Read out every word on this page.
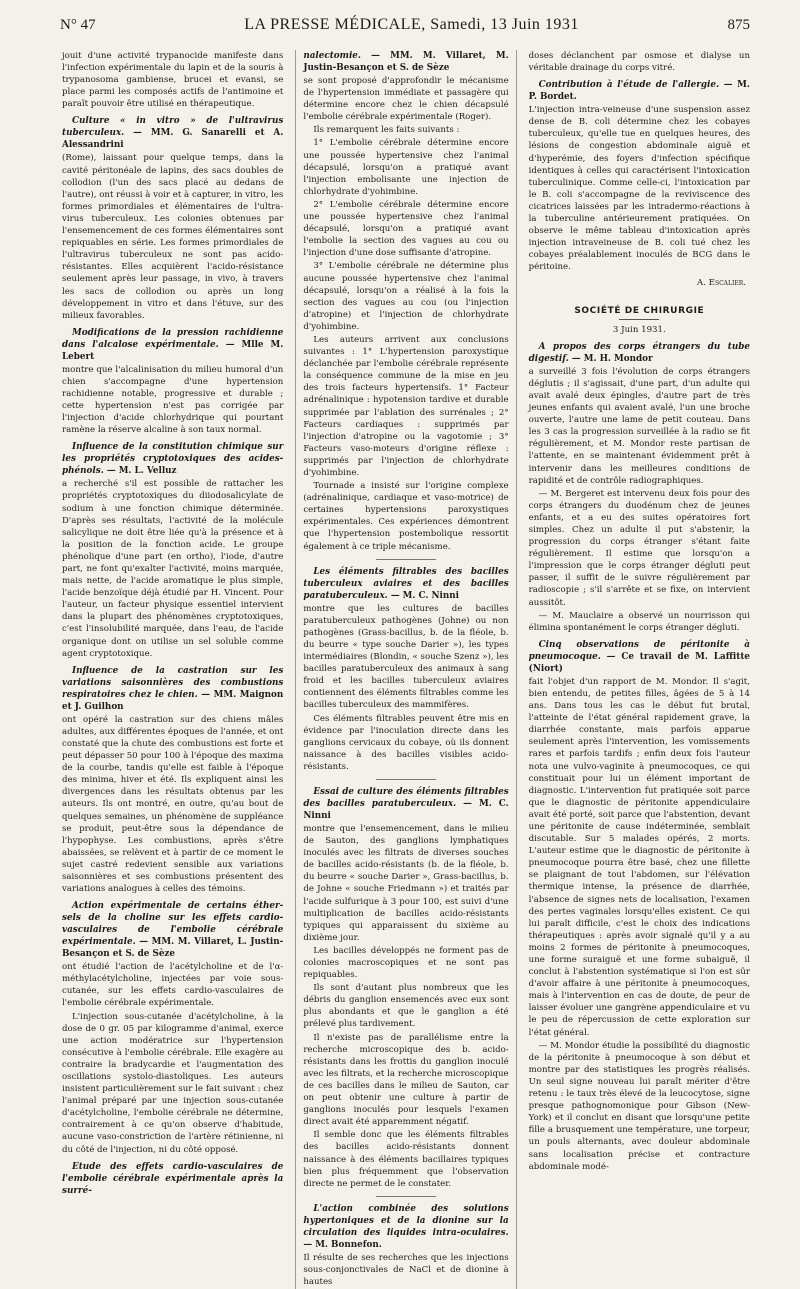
N° 47	LA PRESSE MÉDICALE, Samedi, 13 Juin 1931	875

jouit d'une activité trypanocide manifeste dans l'infection expérimentale du lapin et de la souris à trypanosoma gambiense, brucei et evansi, se place parmi les composés actifs de l'antimoine et paraît pouvoir être utilisé en thérapeutique.

Culture « in vitro » de l'ultravirus tuberculeux. — MM. G. Sanarelli et A. Alessandrini

(Rome), laissant pour quelque temps, dans la cavité péritonéale de lapins, des sacs doubles de collodion (l'un des sacs placé au dedans de l'autre), ont réussi à voir et à capturer, in vitro, les formes primordiales et élémentaires de l'ultra-virus tuberculeux. Les colonies obtenues par l'ensemencement de ces formes élémentaires sont repiquables en série. Les formes primordiales de l'ultravirus tuberculeux ne sont pas acido-résistantes. Elles acquièrent l'acido-résistance seulement après leur passage, in vivo, à travers les sacs de collodion ou après un long développement in vitro et dans l'étuve, sur des milieux favorables.

Modifications de la pression rachidienne dans l'alcalose expérimentale. — Mlle M. Lebert

montre que l'alcalinisation du milieu humoral d'un chien s'accompagne d'une hypertension rachidienne notable, progressive et durable ; cette hypertension n'est pas corrigée par l'injection d'acide chlorhydrique qui pourtant ramène la réserve alcaline à son taux normal.

Influence de la constitution chimique sur les propriétés cryptotoxiques des acides-phénols. — M. L. Velluz

a recherché s'il est possible de rattacher les propriétés cryptotoxiques du diiodosalicylate de sodium à une fonction chimique déterminée. D'après ses résultats, l'activité de la molécule salicylique ne doit être liée qu'à la présence et à la position de la fonction acide. Le groupe phénolique d'une part (en ortho), l'iode, d'autre part, ne font qu'exalter l'activité, moins marquée, mais nette, de l'acide aromatique le plus simple, l'acide benzoïque déjà étudié par H. Vincent. Pour l'auteur, un facteur physique essentiel intervient dans la plupart des phénomènes cryptotoxiques, c'est l'insolubilité marquée, dans l'eau, de l'acide organique dont on utilise un sel soluble comme agent cryptotoxique.

Influence de la castration sur les variations saisonnières des combustions respiratoires chez le chien. — MM. Maignon et J. Guilhon

ont opéré la castration sur des chiens mâles adultes, aux différentes époques de l'année, et ont constaté que la chute des combustions est forte et peut dépasser 50 pour 100 à l'époque des maxima de la courbe, tandis qu'elle est faible à l'époque des minima, hiver et été. Ils expliquent ainsi les divergences dans les résultats obtenus par les auteurs. Ils ont montré, en outre, qu'au bout de quelques semaines, un phénomène de suppléance se produit, peut-être sous la dépendance de l'hypophyse. Les combustions, après s'être abaissées, se relèvent et à partir de ce moment le sujet castré redevient sensible aux variations saisonnières et ses combustions présentent des variations analogues à celles des témoins.

Action expérimentale de certains éther-sels de la choline sur les effets cardio-vasculaires de l'embolie cérébrale expérimentale. — MM. M. Villaret, L. Justin-Besançon et S. de Sèze

ont étudié l'action de l'acétylcholine et de l'α-méthylacétylcholine, injectées par voie sous-cutanée, sur les effets cardio-vasculaires de l'embolie cérébrale expérimentale.

L'injection sous-cutanée d'acétylcholine, à la dose de 0 gr. 05 par kilogramme d'animal, exerce une action modératrice sur l'hypertension consécutive à l'embolie cérébrale. Elle exagère au contraire la bradycardie et l'augmentation des oscillations systolo-diastoliques. Les auteurs insistent particulièrement sur le fait suivant : chez l'animal préparé par une injection sous-cutanée d'acétylcholine, l'embolie cérébrale ne détermine, contrairement à ce qu'on observe d'habitude, aucune vaso-constriction de l'artère rétinienne, ni du côté de l'injection, ni du côté opposé.

Etude des effets cardio-vasculaires de l'embolie cérébrale expérimentale après la surré-

nalectomie. — MM. M. Villaret, M. Justin-Besançon et S. de Sèze

se sont proposé d'approfondir le mécanisme de l'hypertension immédiate et passagère qui détermine encore chez le chien décapsulé l'embolie cérébrale expérimentale (Roger).

Ils remarquent les faits suivants :

1° L'embolie cérébrale détermine encore une poussée hypertensive chez l'animal décapsulé, lorsqu'on a pratiqué avant l'injection embolisante une injection de chlorhydrate d'yohimbine.

2° L'embolie cérébrale détermine encore une poussée hypertensive chez l'animal décapsulé, lorsqu'on a pratiqué avant l'embolie la section des vagues au cou ou l'injection d'une dose suffisante d'atropine.

3° L'embolie cérébrale ne détermine plus aucune poussée hypertensive chez l'animal décapsulé, lorsqu'on a réalisé à la fois la section des vagues au cou (ou l'injection d'atropine) et l'injection de chlorhydrate d'yohimbine.

Les auteurs arrivent aux conclusions suivantes : 1° L'hypertension paroxystique déclanchée par l'embolie cérébrale représente la conséquence commune de la mise en jeu des trois facteurs hypertensifs. 1° Facteur adrénalinique : hypotension tardive et durable supprimée par l'ablation des surrénales ; 2° Facteurs cardiaques : supprimés par l'injection d'atropine ou la vagotomie ; 3° Facteurs vaso-moteurs d'origine réflexe : supprimés par l'injection de chlorhydrate d'yohimbine.

Tournade a insisté sur l'origine complexe (adrénalinique, cardiaque et vaso-motrice) de certaines hypertensions paroxystiques expérimentales. Ces expériences démontrent que l'hypertension postembolique ressortit également à ce triple mécanisme.

Les éléments filtrables des bacilles tuberculeux aviaires et des bacilles paratuberculeux. — M. C. Ninni

montre que les cultures de bacilles paratuberculeux pathogènes (Johne) ou non pathogènes (Grass-bacillus, b. de la fléole, b. du beurre « type souche Darier »), les types intermédiaires (Blondin, « souche Szenz »), les bacilles paratuberculeux des animaux à sang froid et les bacilles tuberculeux aviaires contiennent des éléments filtrables comme les bacilles tuberculeux des mammifères.

Ces éléments filtrables peuvent être mis en évidence par l'inoculation directe dans les ganglions cervicaux du cobaye, où ils donnent naissance à des bacilles visibles acido-résistants.

Essai de culture des éléments filtrables des bacilles paratuberculeux. — M. C. Ninni

montre que l'ensemencement, dans le milieu de Sauton, des ganglions lymphatiques inoculés avec les filtrats de diverses souches de bacilles acido-résistants (b. de la fléole, b. du beurre « souche Darier », Grass-bacillus, b. de Johne « souche Friedmann ») et traités par l'acide sulfurique à 3 pour 100, est suivi d'une multiplication de bacilles acido-résistants typiques qui apparaissent du sixième au dixième jour.

Les bacilles développés ne forment pas de colonies macroscopiques et ne sont pas repiquables.

Ils sont d'autant plus nombreux que les débris du ganglion ensemencés avec eux sont plus abondants et que le ganglion a été prélevé plus tardivement.

Il n'existe pas de parallélisme entre la recherche microscopique des b. acido-résistants dans les frottis du ganglion inoculé avec les filtrats, et la recherche microscopique de ces bacilles dans le milieu de Sauton, car on peut obtenir une culture à partir de ganglions inoculés pour lesquels l'examen direct avait été apparemment négatif.

Il semble donc que les éléments filtrables des bacilles acido-résistants donnent naissance à des éléments bacillaires typiques bien plus fréquemment que l'observation directe ne permet de le constater.

L'action combinée des solutions hypertoniques et de la dionine sur la circulation des liquides intra-oculaires. — M. Bonnefon.

Il résulte de ses recherches que les injections sous-conjonctivales de NaCl et de dionine à hautes

doses déclanchent par osmose et dialyse un véritable drainage du corps vitré.

Contribution à l'étude de l'allergie. — M. P. Bordet.

L'injection intra-veineuse d'une suspension assez dense de B. coli détermine chez les cobayes tuberculeux, qu'elle tue en quelques heures, des lésions de congestion abdominale aiguë et d'hyperémie, des foyers d'infection spécifique identiques à celles qui caractérisent l'intoxication tuberculinique. Comme celle-ci, l'intoxication par le B. coli s'accompagne de la reviviscence des cicatrices laissées par les intradermo-réactions à la tuberculine antérieurement pratiquées. On observe le même tableau d'intoxication après injection intraveineuse de B. coli tué chez les cobayes préalablement inoculés de BCG dans le péritoine.

A. Escalier.

SOCIÉTÉ DE CHIRURGIE

3 Juin 1931.

A propos des corps étrangers du tube digestif. — M. H. Mondor

a surveillé 3 fois l'évolution de corps étrangers déglutis ; il s'agissait, d'une part, d'un adulte qui avait avalé deux épingles, d'autre part de très jeunes enfants qui avaient avalé, l'un une broche ouverte, l'autre une lame de petit couteau. Dans les 3 cas la progression surveillée à la radio se fit régulièrement, et M. Mondor reste partisan de l'attente, en se maintenant évidemment prêt à intervenir dans les meilleures conditions de rapidité et de contrôle radiographiques.

— M. Bergeret est intervenu deux fois pour des corps étrangers du duodénum chez de jeunes enfants, et a eu des suites opératoires fort simples. Chez un adulte il put s'abstenir, la progression du corps étranger s'étant faite régulièrement. Il estime que lorsqu'on a l'impression que le corps étranger dégluti peut passer, il suffit de le suivre régulièrement par radioscopie ; s'il s'arrête et se fixe, on intervient aussitôt.

— M. Mauclaire a observé un nourrisson qui élimina spontanément le corps étranger dégluti.

Cinq observations de péritonite à pneumocoque. — Ce travail de M. Laffitte (Niort)

fait l'objet d'un rapport de M. Mondor. Il s'agit, bien entendu, de petites filles, âgées de 5 à 14 ans. Dans tous les cas le début fut brutal, l'atteinte de l'état général rapidement grave, la diarrhée constante, mais parfois apparue seulement après l'intervention, les vomissements rares et parfois tardifs ; enfin deux fois l'auteur nota une vulvo-vaginite à pneumocoques, ce qui constituait pour lui un élément important de diagnostic. L'intervention fut pratiquée soit parce que le diagnostic de péritonite appendiculaire avait été porté, soit parce que l'abstention, devant une péritonite de cause indéterminée, semblait discutable. Sur 5 malades opérés, 2 morts. L'auteur estime que le diagnostic de péritonite à pneumocoque pourra être basé, chez une fillette se plaignant de tout l'abdomen, sur l'élévation thermique intense, la présence de diarrhée, l'absence de signes nets de localisation, l'examen des pertes vaginales lorsqu'elles existent. Ce qui lui paraît difficile, c'est le choix des indications thérapeutiques : après avoir signalé qu'il y a au moins 2 formes de péritonite à pneumocoques, une forme suraiguë et une forme subaiguë, il conclut à l'abstention systématique si l'on est sûr d'avoir affaire à une péritonite à pneumocoques, mais à l'intervention en cas de doute, de peur de laisser évoluer une gangrène appendiculaire et vu le peu de répercussion de cette exploration sur l'état général.

— M. Mondor étudie la possibilité du diagnostic de la péritonite à pneumocoque à son début et montre par des statistiques les progrès réalisés. Un seul signe nouveau lui paraît mériter d'être retenu : le taux très élevé de la leucocytose, signe presque pathognomonique pour Gibson (New-York) et il conclut en disant que lorsqu'une petite fille a brusquement une température, une torpeur, un pouls alternants, avec douleur abdominale sans localisation précise et contracture abdominale modé-
